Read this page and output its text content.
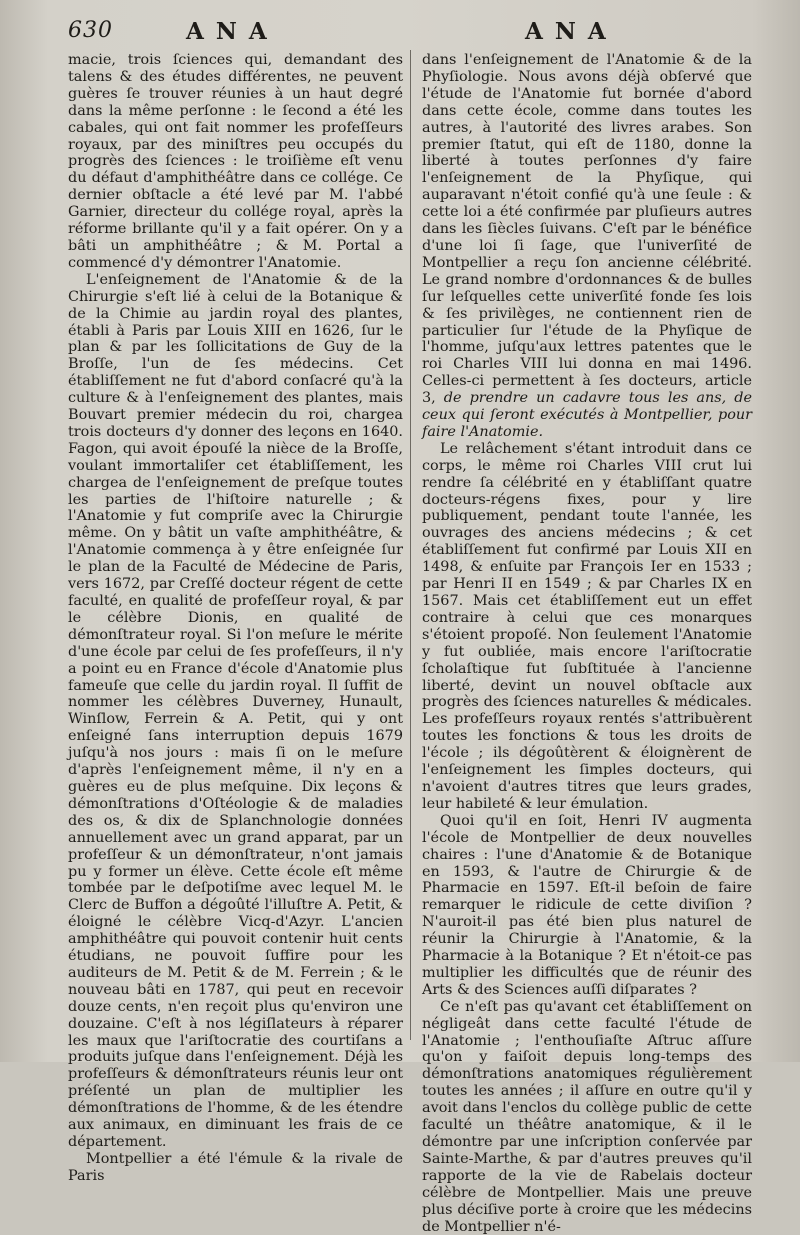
630	ANA	ANA

macie, trois ſciences qui, demandant des talens & des études différentes, ne peuvent guères ſe trouver réunies à un haut degré dans la même perſonne : le ſecond a été les cabales, qui ont fait nommer les profeſſeurs royaux, par des miniſtres peu occupés du progrès des ſciences : le troiſième eſt venu du défaut d'amphithéâtre dans ce collége. Ce dernier obſtacle a été levé par M. l'abbé Garnier, directeur du collége royal, après la réforme brillante qu'il y a fait opérer. On y a bâti un amphithéâtre ; & M. Portal a commencé d'y démontrer l'Anatomie.

L'enſeignement de l'Anatomie & de la Chirurgie s'eſt lié à celui de la Botanique & de la Chimie au jardin royal des plantes, établi à Paris par Louis XIII en 1626, ſur le plan & par les ſollicitations de Guy de la Broſſe, l'un de ſes médecins. Cet établiſſement ne fut d'abord conſacré qu'à la culture & à l'enſeignement des plantes, mais Bouvart premier médecin du roi, chargea trois docteurs d'y donner des leçons en 1640. Fagon, qui avoit épouſé la nièce de la Broſſe, voulant immortaliſer cet établiſſement, les chargea de l'enſeignement de preſque toutes les parties de l'hiſtoire naturelle ; & l'Anatomie y fut compriſe avec la Chirurgie même. On y bâtit un vaſte amphithéâtre, & l'Anatomie commença à y être enſeignée ſur le plan de la Faculté de Médecine de Paris, vers 1672, par Creſſé docteur régent de cette faculté, en qualité de profeſſeur royal, & par le célèbre Dionis, en qualité de démonſtrateur royal. Si l'on meſure le mérite d'une école par celui de ſes profeſſeurs, il n'y a point eu en France d'école d'Anatomie plus fameuſe que celle du jardin royal. Il ſuffit de nommer les célèbres Duverney, Hunault, Winſlow, Ferrein & A. Petit, qui y ont enſeigné ſans interruption depuis 1679 juſqu'à nos jours : mais ſi on le meſure d'après l'enſeignement même, il n'y en a guères eu de plus meſquine. Dix leçons & démonſtrations d'Oſtéologie & de maladies des os, & dix de Splanchnologie données annuellement avec un grand apparat, par un profeſſeur & un démonſtrateur, n'ont jamais pu y former un élève. Cette école eſt même tombée par le deſpotiſme avec lequel M. le Clerc de Buffon a dégoûté l'illuſtre A. Petit, & éloigné le célèbre Vicq-d'Azyr. L'ancien amphithéâtre qui pouvoit contenir huit cents étudians, ne pouvoit ſuffire pour les auditeurs de M. Petit & de M. Ferrein ; & le nouveau bâti en 1787, qui peut en recevoir douze cents, n'en reçoit plus qu'environ une douzaine. C'eſt à nos légiſlateurs à réparer les maux que l'ariſtocratie des courtiſans a produits juſque dans l'enſeignement. Déjà les profeſſeurs & démonſtrateurs réunis leur ont préſenté un plan de multiplier les démonſtrations de l'homme, & de les étendre aux animaux, en diminuant les frais de ce département.

Montpellier a été l'émule & la rivale de Paris

dans l'enſeignement de l'Anatomie & de la Phyſiologie. Nous avons déjà obſervé que l'étude de l'Anatomie fut bornée d'abord dans cette école, comme dans toutes les autres, à l'autorité des livres arabes. Son premier ſtatut, qui eſt de 1180, donne la liberté à toutes perſonnes d'y faire l'enſeignement de la Phyſique, qui auparavant n'étoit confié qu'à une ſeule : & cette loi a été confirmée par pluſieurs autres dans les ſiècles ſuivans. C'eſt par le bénéfice d'une loi ſi ſage, que l'univerſité de Montpellier a reçu ſon ancienne célébrité. Le grand nombre d'ordonnances & de bulles ſur leſquelles cette univerſité fonde ſes lois & ſes privilèges, ne contiennent rien de particulier ſur l'étude de la Phyſique de l'homme, juſqu'aux lettres patentes que le roi Charles VIII lui donna en mai 1496. Celles-ci permettent à ſes docteurs, article 3, de prendre un cadavre tous les ans, de ceux qui ſeront exécutés à Montpellier, pour faire l'Anatomie.

Le relâchement s'étant introduit dans ce corps, le même roi Charles VIII crut lui rendre ſa célébrité en y établiſſant quatre docteurs-régens fixes, pour y lire publiquement, pendant toute l'année, les ouvrages des anciens médecins ; & cet établiſſement fut confirmé par Louis XII en 1498, & enſuite par François Ier en 1533 ; par Henri II en 1549 ; & par Charles IX en 1567. Mais cet établiſſement eut un effet contraire à celui que ces monarques s'étoient propoſé. Non ſeulement l'Anatomie y fut oubliée, mais encore l'ariſtocratie ſcholaſtique fut ſubſtituée à l'ancienne liberté, devint un nouvel obſtacle aux progrès des ſciences naturelles & médicales. Les profeſſeurs royaux rentés s'attribuèrent toutes les fonctions & tous les droits de l'école ; ils dégoûtèrent & éloignèrent de l'enſeignement les ſimples docteurs, qui n'avoient d'autres titres que leurs grades, leur habileté & leur émulation.

Quoi qu'il en ſoit, Henri IV augmenta l'école de Montpellier de deux nouvelles chaires : l'une d'Anatomie & de Botanique en 1593, & l'autre de Chirurgie & de Pharmacie en 1597. Eſt-il beſoin de faire remarquer le ridicule de cette diviſion ? N'auroit-il pas été bien plus naturel de réunir la Chirurgie à l'Anatomie, & la Pharmacie à la Botanique ? Et n'étoit-ce pas multiplier les difficultés que de réunir des Arts & des Sciences auſſi diſparates ?

Ce n'eſt pas qu'avant cet établiſſement on négligeât dans cette faculté l'étude de l'Anatomie ; l'enthouſiaſte Aſtruc aſſure qu'on y faiſoit depuis long-temps des démonſtrations anatomiques régulièrement toutes les années ; il aſſure en outre qu'il y avoit dans l'enclos du collège public de cette faculté un théâtre anatomique, & il le démontre par une inſcription conſervée par Sainte-Marthe, & par d'autres preuves qu'il rapporte de la vie de Rabelais docteur célèbre de Montpellier. Mais une preuve plus déciſive porte à croire que les médecins de Montpellier n'é-
